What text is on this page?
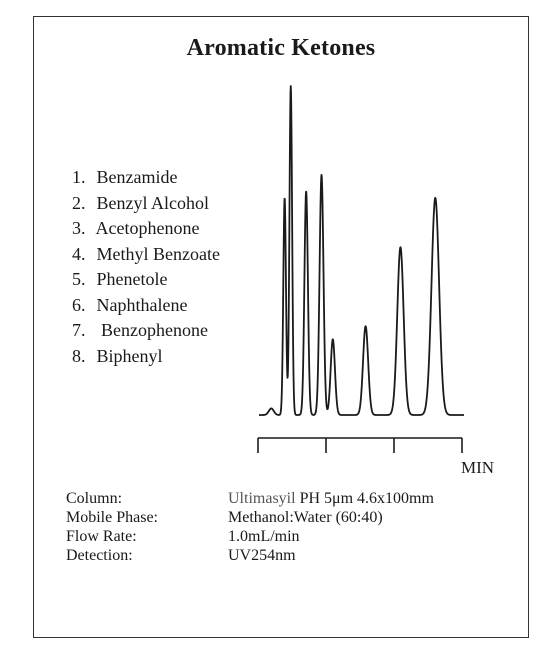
Aromatic Ketones
1. Benzamide
2. Benzyl Alcohol
3. Acetophenone
4. Methyl Benzoate
5. Phenetole
6. Naphthalene
7. Benzophenone
8. Biphenyl
MIN
Column:	Ultimasyil PH 5μm 4.6x100mm
Mobile Phase:	Methanol:Water (60:40)
Flow Rate:	1.0mL/min
Detection:	UV254nm
